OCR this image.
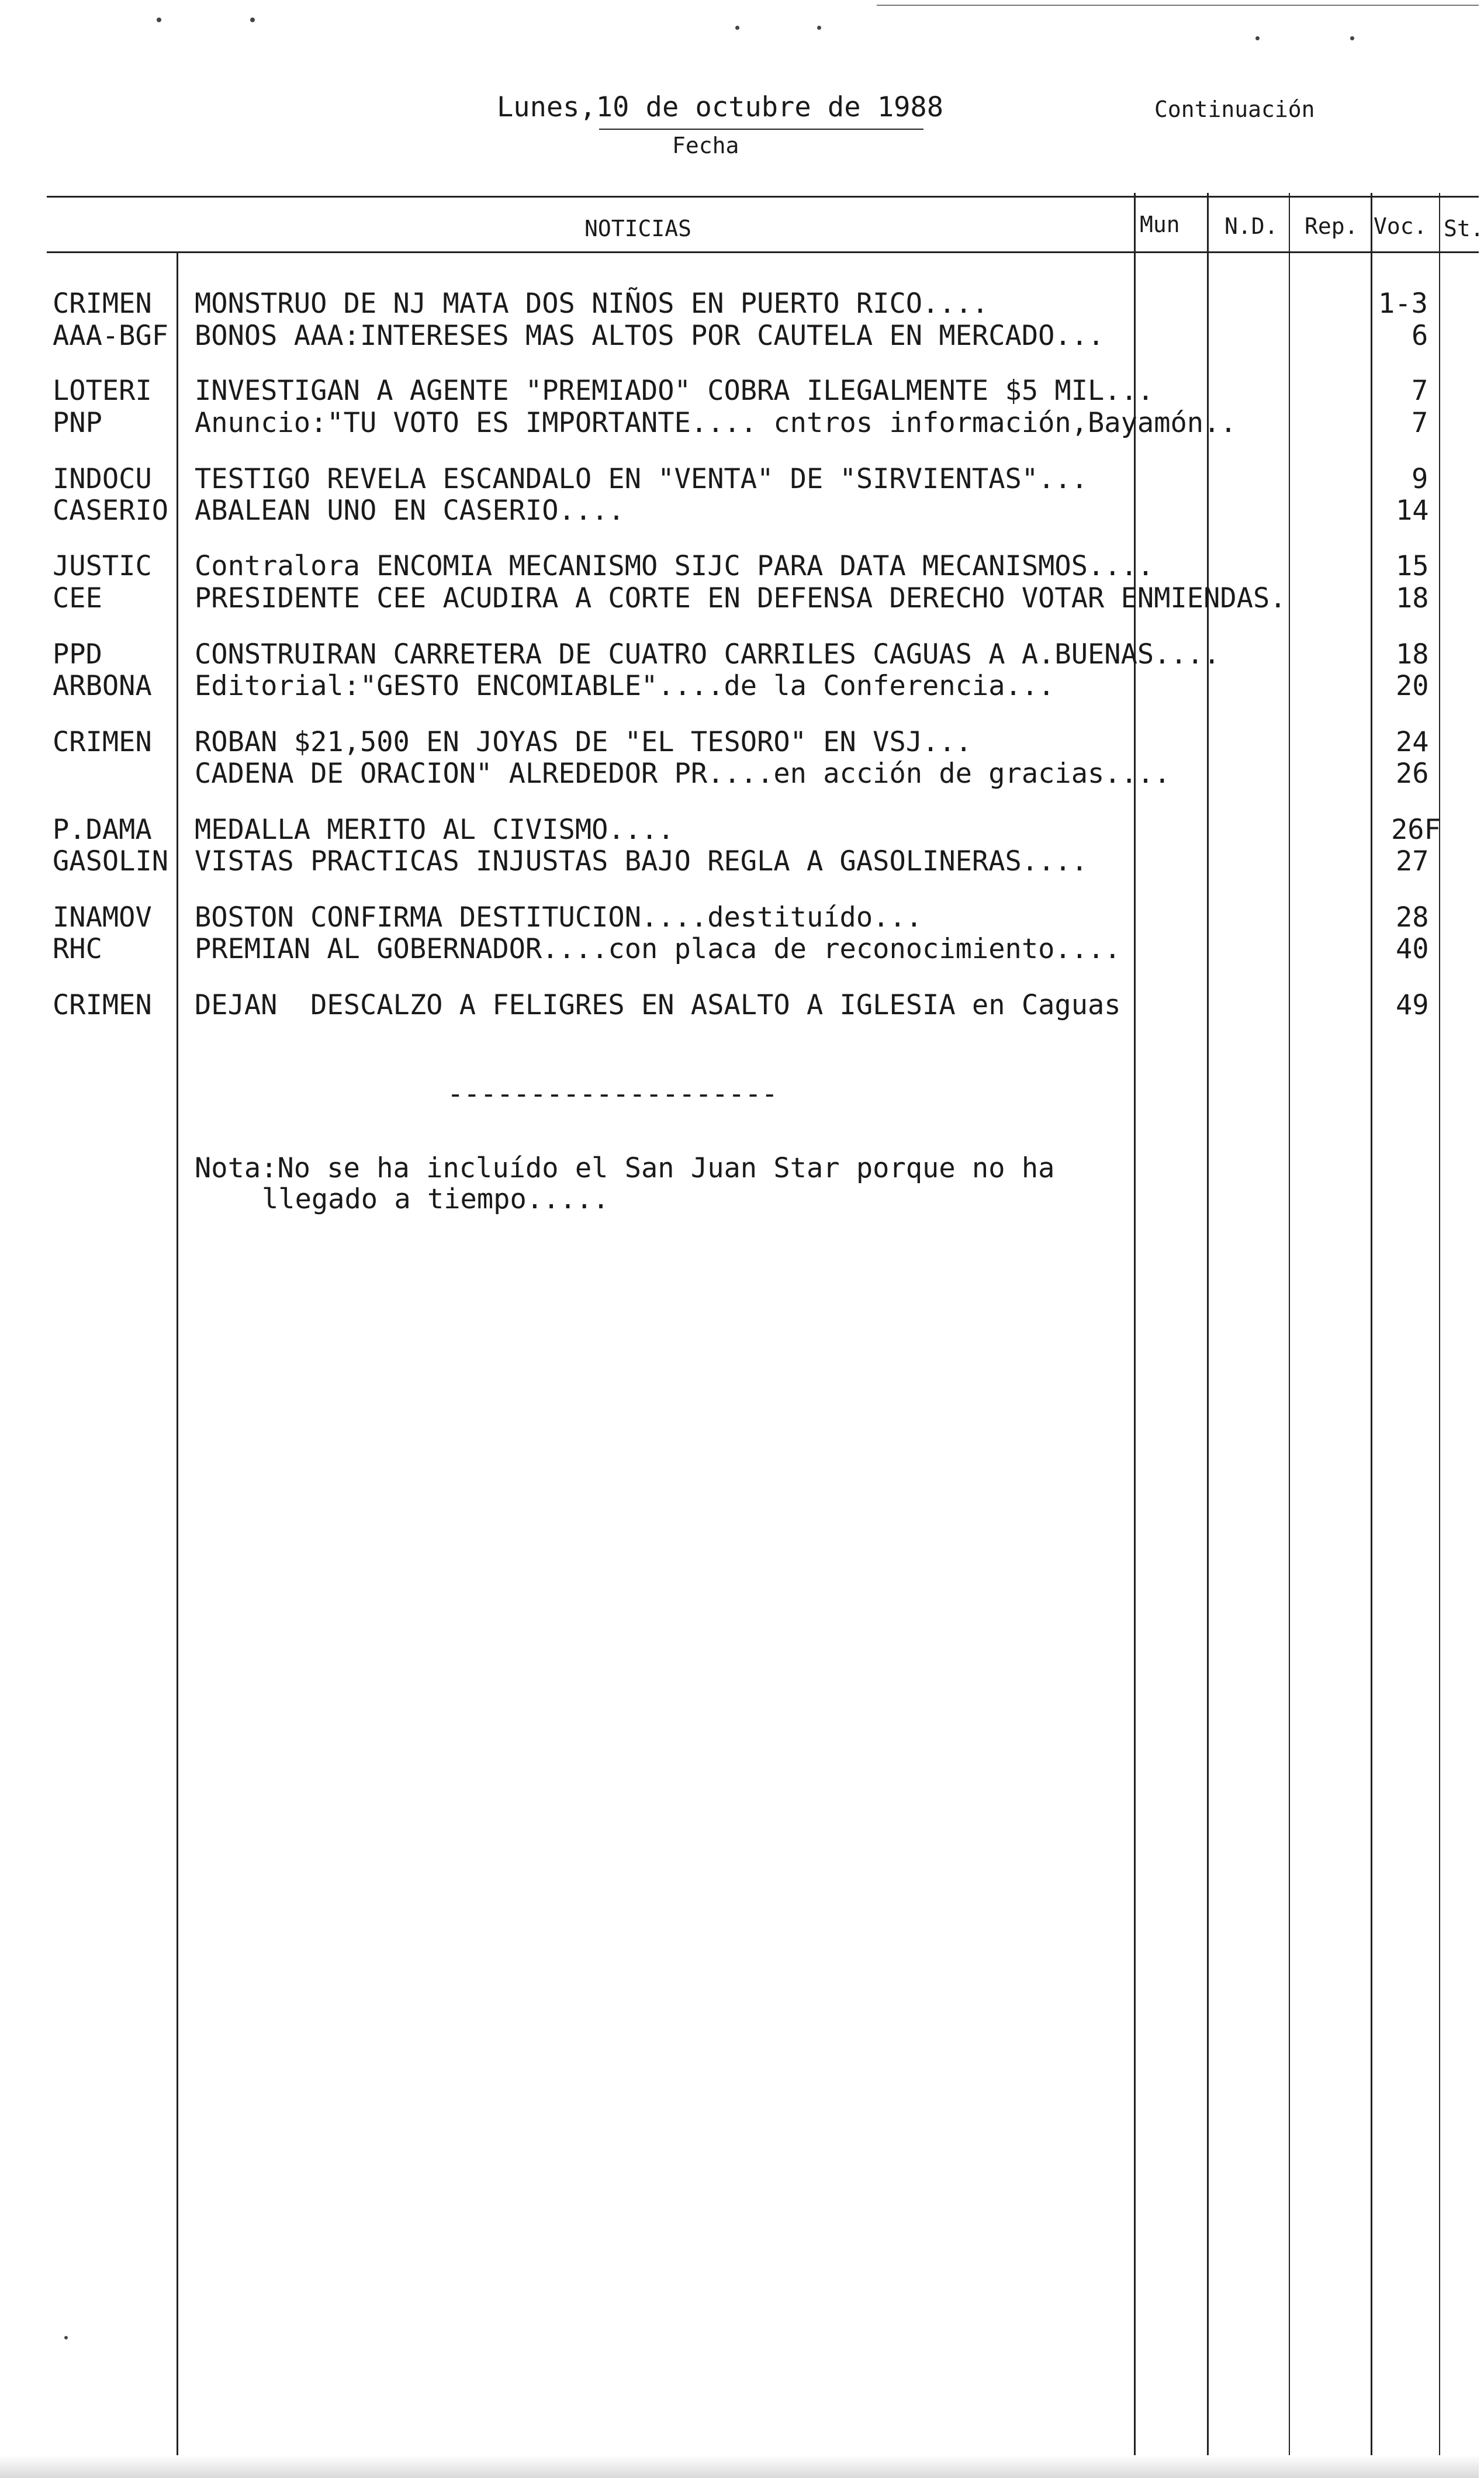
Lunes,10 de octubre de 1988
Fecha
Continuación
NOTICIAS	Mun N.D. Rep. Voc. St.
CRIMEN MONSTRUO DE NJ MATA DOS NIÑOS EN PUERTO RICO....	1-3
AAA-BGF BONOS AAA:INTERESES MAS ALTOS POR CAUTELA EN MERCADO...	6
LOTERI INVESTIGAN A AGENTE "PREMIADO" COBRA ILEGALMENTE $5 MIL...	7
PNP	Anuncio:"TU VOTO ES IMPORTANTE.... cntros información,Bayamón..	7
INDOCU TESTIGO REVELA ESCANDALO EN "VENTA" DE "SIRVIENTAS"...	9
CASERIO ABALEAN UNO EN CASERIO....	14
JUSTIC Contralora ENCOMIA MECANISMO SIJC PARA DATA MECANISMOS....	15
CEE	PRESIDENTE CEE ACUDIRA A CORTE EN DEFENSA DERECHO VOTAR ENMIENDAS.	18
PPD	CONSTRUIRAN CARRETERA DE CUATRO CARRILES CAGUAS A A.BUENAS....	18
ARBONA Editorial:"GESTO ENCOMIABLE"....de la Conferencia...	20
CRIMEN ROBAN $21,500 EN JOYAS DE "EL TESORO" EN VSJ...	24
CADENA DE ORACION" ALREDEDOR PR....en acción de gracias....	26
P.DAMA MEDALLA MERITO AL CIVISMO....	26F
GASOLIN VISTAS PRACTICAS INJUSTAS BAJO REGLA A GASOLINERAS....	27
INAMOV BOSTON CONFIRMA DESTITUCION....destituído...	28
RHC	PREMIAN AL GOBERNADOR....con placa de reconocimiento....	40
CRIMEN DEJAN  DESCALZO A FELIGRES EN ASALTO A IGLESIA en Caguas	49
--------------------
Nota:No se ha incluído el San Juan Star porque no ha
llegado a tiempo.....
